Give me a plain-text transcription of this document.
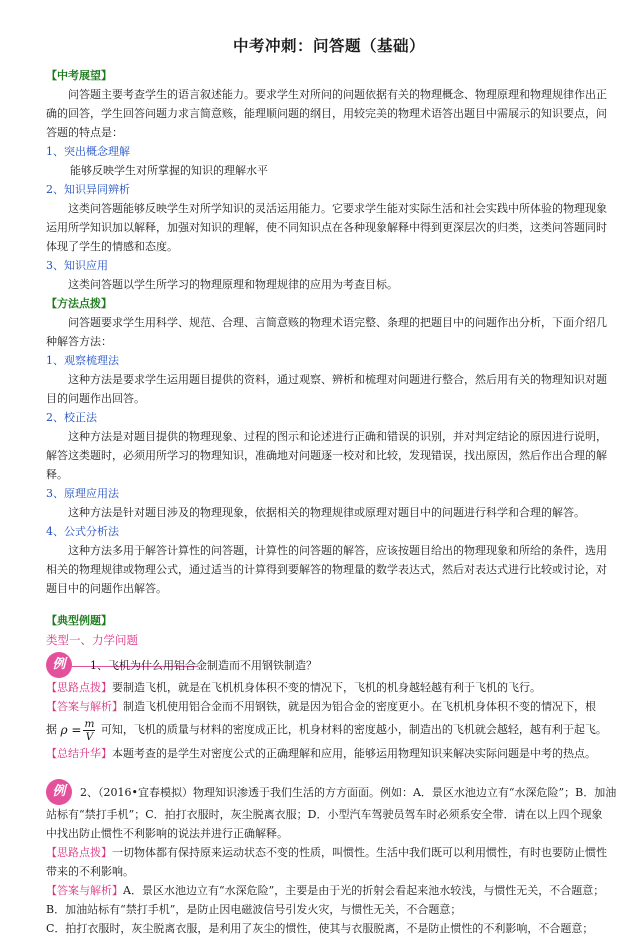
中考冲刺：问答题（基础）

【中考展望】

问答题主要考查学生的语言叙述能力。要求学生对所问的问题依据有关的物理概念、物理原理和物理规律作出正确的回答，学生回答问题力求言简意赅，能理顺问题的纲目，用较完美的物理术语答出题目中需展示的知识要点，问答题的特点是：

1、突出概念理解

能够反映学生对所掌握的知识的理解水平

2、知识异同辨析

这类问答题能够反映学生对所学知识的灵活运用能力。它要求学生能对实际生活和社会实践中所体验的物理现象运用所学知识加以解释，加强对知识的理解，使不同知识点在各种现象解释中得到更深层次的归类，这类问答题同时体现了学生的情感和态度。

3、知识应用

这类问答题以学生所学习的物理原理和物理规律的应用为考查目标。

【方法点拨】

问答题要求学生用科学、规范、合理、言简意赅的物理术语完整、条理的把题目中的问题作出分析，下面介绍几种解答方法：

1、观察梳理法

这种方法是要求学生运用题目提供的资料，通过观察、辨析和梳理对问题进行整合，然后用有关的物理知识对题目的问题作出回答。

2、校正法

这种方法是对题目提供的物理现象、过程的图示和论述进行正确和错误的识别，并对判定结论的原因进行说明，解答这类题时，必须用所学习的物理知识，准确地对问题逐一校对和比较，发现错误，找出原因，然后作出合理的解释。

3、原理应用法

这种方法是针对题目涉及的物理现象，依据相关的物理规律或原理对题目中的问题进行科学和合理的解答。

4、公式分析法

这种方法多用于解答计算性的问答题，计算性的问答题的解答，应该按题目给出的物理现象和所给的条件，选用相关的物理规律或物理公式，通过适当的计算得到要解答的物理量的数学表达式，然后对表达式进行比较或讨论，对题目中的问题作出解答。

【典型例题】

类型一、力学问题

例	1、飞机为什么用铝合金制造而不用钢铁制造？

【思路点拨】要制造飞机，就是在飞机机身体积不变的情况下，飞机的机身越轻越有利于飞机的飞行。

【答案与解析】制造飞机使用铝合金而不用钢铁，就是因为铝合金的密度更小。在飞机机身体积不变的情况下，根

据 $\rho = \frac{m}{V}$ 可知，飞机的质量与材料的密度成正比，机身材料的密度越小，制造出的飞机就会越轻，越有利于起飞。

【总结升华】本题考查的是学生对密度公式的正确理解和应用，能够运用物理知识来解决实际问题是中考的热点。

例	2、（2016•宜春模拟）物理知识渗透于我们生活的方方面面。例如：A．景区水池边立有“水深危险”；B．加油

站标有“禁打手机”；C．拍打衣服时，灰尘脱离衣服；D．小型汽车驾驶员驾车时必须系安全带．请在以上四个现象中找出防止惯性不利影响的说法并进行正确解释。

【思路点拨】一切物体都有保持原来运动状态不变的性质，叫惯性。生活中我们既可以利用惯性，有时也要防止惯性带来的不利影响。

【答案与解析】A．景区水池边立有“水深危险”，主要是由于光的折射会看起来池水较浅，与惯性无关，不合题意；

B．加油站标有“禁打手机”，是防止因电磁波信号引发火灾，与惯性无关，不合题意；

C．拍打衣服时，灰尘脱离衣服，是利用了灰尘的惯性，使其与衣服脱离，不是防止惯性的不利影响，不合题意；
